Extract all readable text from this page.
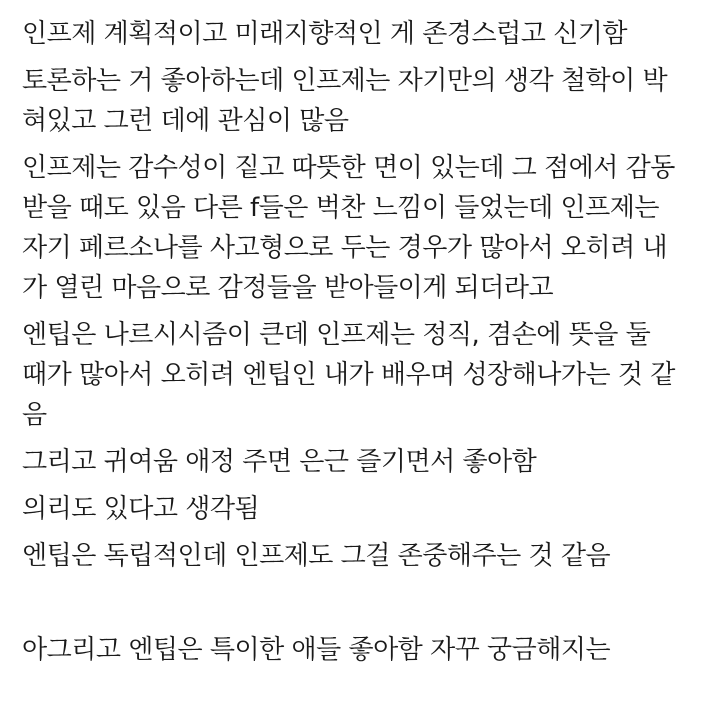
인프제 계획적이고 미래지향적인 게 존경스럽고 신기함
토론하는 거 좋아하는데 인프제는 자기만의 생각 철학이 박
혀있고 그런 데에 관심이 많음
인프제는 감수성이 짙고 따뜻한 면이 있는데 그 점에서 감동
받을 때도 있음 다른 f들은 벅찬 느낌이 들었는데 인프제는
자기 페르소나를 사고형으로 두는 경우가 많아서 오히려 내
가 열린 마음으로 감정들을 받아들이게 되더라고
엔팁은 나르시시즘이 큰데 인프제는 정직, 겸손에 뜻을 둘
때가 많아서 오히려 엔팁인 내가 배우며 성장해나가는 것 같
음
그리고 귀여움 애정 주면 은근 즐기면서 좋아함
의리도 있다고 생각됨
엔팁은 독립적인데 인프제도 그걸 존중해주는 것 같음
아그리고 엔팁은 특이한 애들 좋아함 자꾸 궁금해지는
